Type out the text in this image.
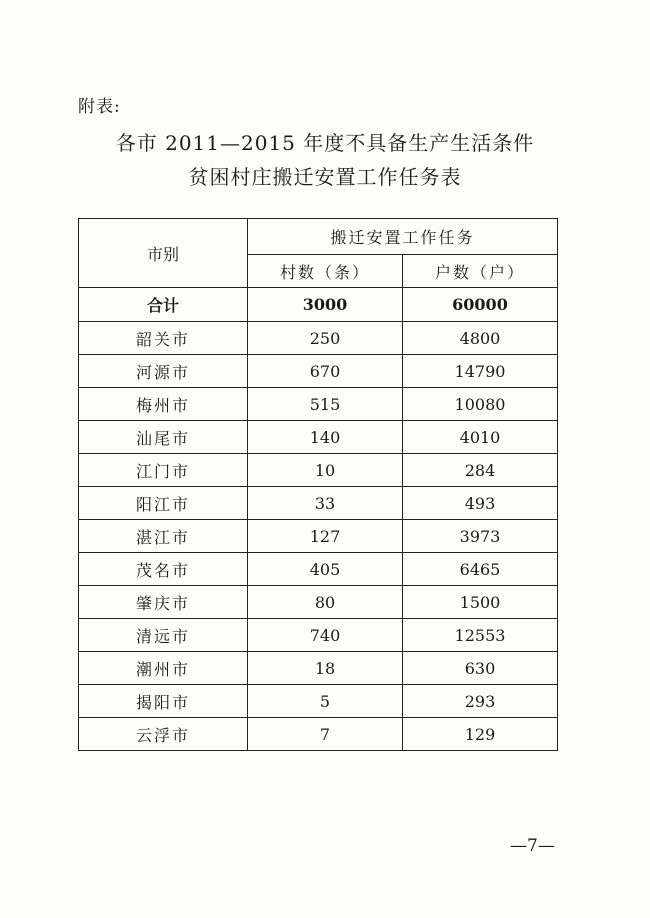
附表:
各市 2011—2015 年度不具备生产生活条件
贫困村庄搬迁安置工作任务表
市别	搬迁安置工作任务	
	村数（条）	户数（户）
合计	3000	60000
韶关市	250	4800
河源市	670	14790
梅州市	515	10080
汕尾市	140	4010
江门市	10	284
阳江市	33	493
湛江市	127	3973
茂名市	405	6465
肇庆市	80	1500
清远市	740	12553
潮州市	18	630
揭阳市	5	293
云浮市	7	129
—7—
